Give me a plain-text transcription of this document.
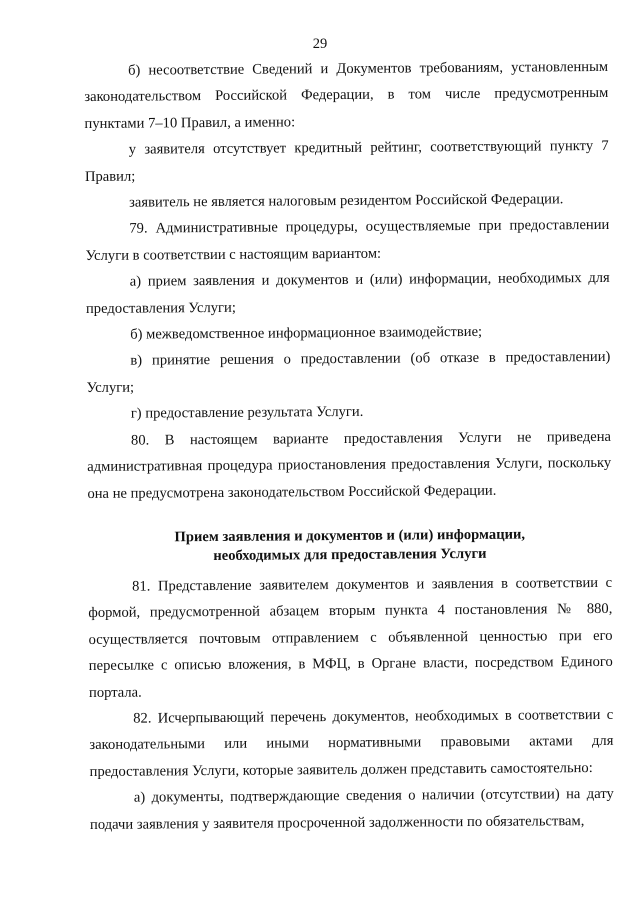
29

б) несоответствие Сведений и Документов требованиям, установленным законодательством Российской Федерации, в том числе предусмотренным пунктами 7–10 Правил, а именно:

у заявителя отсутствует кредитный рейтинг, соответствующий пункту 7 Правил;

заявитель не является налоговым резидентом Российской Федерации.

79. Административные процедуры, осуществляемые при предоставлении Услуги в соответствии с настоящим вариантом:

а) прием заявления и документов и (или) информации, необходимых для предоставления Услуги;

б) межведомственное информационное взаимодействие;

в) принятие решения о предоставлении (об отказе в предоставлении) Услуги;

г) предоставление результата Услуги.

80. В настоящем варианте предоставления Услуги не приведена административная процедура приостановления предоставления Услуги, поскольку она не предусмотрена законодательством Российской Федерации.

Прием заявления и документов и (или) информации,
необходимых для предоставления Услуги

81. Представление заявителем документов и заявления в соответствии с формой, предусмотренной абзацем вторым пункта 4 постановления № 880, осуществляется почтовым отправлением с объявленной ценностью при его пересылке с описью вложения, в МФЦ, в Органе власти, посредством Единого портала.

82. Исчерпывающий перечень документов, необходимых в соответствии с законодательными или иными нормативными правовыми актами для предоставления Услуги, которые заявитель должен представить самостоятельно:

а) документы, подтверждающие сведения о наличии (отсутствии) на дату подачи заявления у заявителя просроченной задолженности по обязательствам,
